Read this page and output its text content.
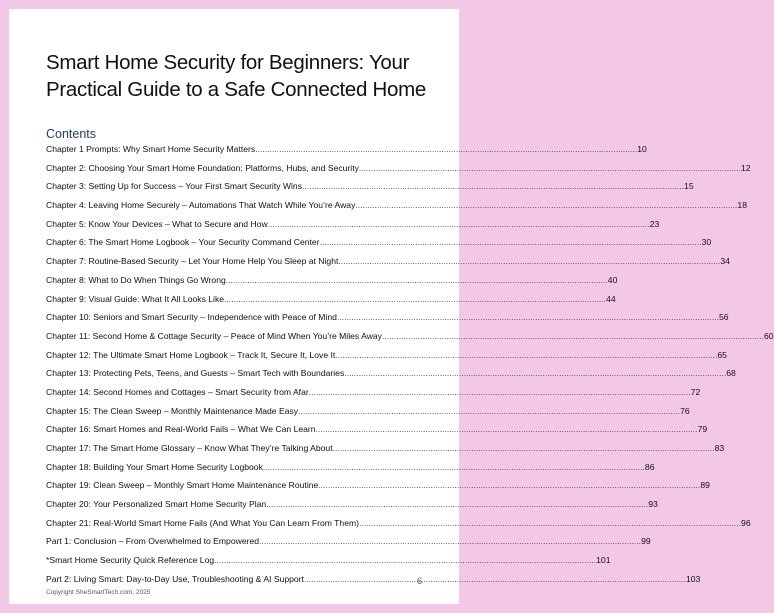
Smart Home Security for Beginners: Your Practical Guide to a Safe Connected Home
Contents
Chapter 1 Prompts: Why Smart Home Security Matters .....	10
Chapter 2: Choosing Your Smart Home Foundation: Platforms, Hubs, and Security .....	12
Chapter 3: Setting Up for Success – Your First Smart Security Wins .....	15
Chapter 4: Leaving Home Securely – Automations That Watch While You’re Away .....	18
Chapter 5: Know Your Devices – What to Secure and How .....	23
Chapter 6: The Smart Home Logbook – Your Security Command Center .....	30
Chapter 7: Routine-Based Security – Let Your Home Help You Sleep at Night .....	34
Chapter 8: What to Do When Things Go Wrong .....	40
Chapter 9: Visual Guide: What It All Looks Like .....	44
Chapter 10: Seniors and Smart Security – Independence with Peace of Mind .....	56
Chapter 11: Second Home & Cottage Security – Peace of Mind When You’re Miles Away .....	60
Chapter 12: The Ultimate Smart Home Logbook – Track It, Secure It, Love It .....	65
Chapter 13: Protecting Pets, Teens, and Guests – Smart Tech with Boundaries .....	68
Chapter 14: Second Homes and Cottages – Smart Security from Afar .....	72
Chapter 15: The Clean Sweep – Monthly Maintenance Made Easy .....	76
Chapter 16: Smart Homes and Real-World Fails – What We Can Learn .....	79
Chapter 17: The Smart Home Glossary – Know What They’re Talking About .....	83
Chapter 18: Building Your Smart Home Security Logbook .....	86
Chapter 19: Clean Sweep – Monthly Smart Home Maintenance Routine .....	89
Chapter 20: Your Personalized Smart Home Security Plan .....	93
Chapter 21: Real-World Smart Home Fails (And What You Can Learn From Them) .....	96
Part 1: Conclusion – From Overwhelmed to Empowered .....	99
*Smart Home Security Quick Reference Log .....	101
Part 2: Living Smart: Day-to-Day Use, Troubleshooting & AI Support .....	103
6
Copyright SheSmartTech.com, 2025
